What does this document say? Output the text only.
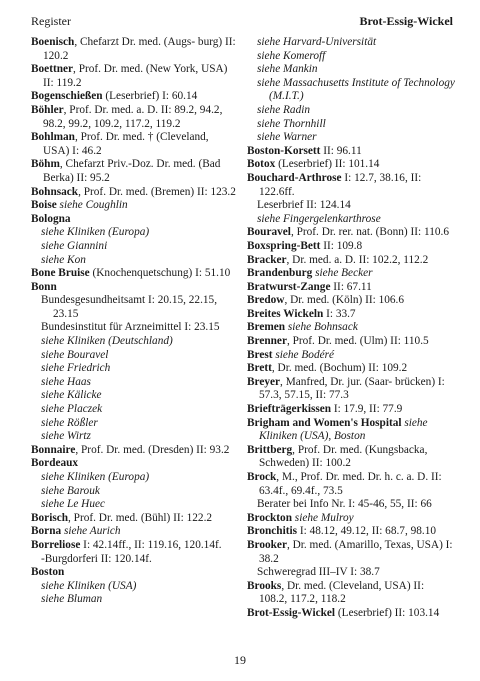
Register	Brot-Essig-Wickel

Boenisch, Chefarzt Dr. med. (Augs- burg) II: 120.2

Boettner, Prof. Dr. med. (New York, USA) II: 119.2

Bogenschießen (Leserbrief) I: 60.14

Böhler, Prof. Dr. med. a. D. II: 89.2, 94.2, 98.2, 99.2, 109.2, 117.2, 119.2

Bohlman, Prof. Dr. med. † (Cleveland, USA) I: 46.2

Böhm, Chefarzt Priv.-Doz. Dr. med. (Bad Berka) II: 95.2

Bohnsack, Prof. Dr. med. (Bremen) II: 123.2

Boise siehe Coughlin

Bologna

siehe Kliniken (Europa)

siehe Giannini

siehe Kon

Bone Bruise (Knochenquetschung) I: 51.10

Bonn

Bundesgesundheitsamt I: 20.15, 22.15, 23.15

Bundesinstitut für Arzneimittel I: 23.15

siehe Kliniken (Deutschland)

siehe Bouravel

siehe Friedrich

siehe Haas

siehe Kälicke

siehe Placzek

siehe Rößler

siehe Wirtz

Bonnaire, Prof. Dr. med. (Dresden) II: 93.2

Bordeaux

siehe Kliniken (Europa)

siehe Barouk

siehe Le Huec

Borisch, Prof. Dr. med. (Bühl) II: 122.2

Borna siehe Aurich

Borreliose I: 42.14ff., II: 119.16, 120.14f.

-Burgdorferi II: 120.14f.

Boston

siehe Kliniken (USA)

siehe Bluman

siehe Harvard-Universität

siehe Komeroff

siehe Mankin

siehe Massachusetts Institute of Technology (M.I.T.)

siehe Radin

siehe Thornhill

siehe Warner

Boston-Korsett II: 96.11

Botox (Leserbrief) II: 101.14

Bouchard-Arthrose I: 12.7, 38.16, II: 122.6ff.

Leserbrief II: 124.14

siehe Fingergelenkarthrose

Bouravel, Prof. Dr. rer. nat. (Bonn) II: 110.6

Boxspring-Bett II: 109.8

Bracker, Dr. med. a. D. II: 102.2, 112.2

Brandenburg siehe Becker

Bratwurst-Zange II: 67.11

Bredow, Dr. med. (Köln) II: 106.6

Breites Wickeln I: 33.7

Bremen siehe Bohnsack

Brenner, Prof. Dr. med. (Ulm) II: 110.5

Brest siehe Bodéré

Brett, Dr. med. (Bochum) II: 109.2

Breyer, Manfred, Dr. jur. (Saar- brücken) I: 57.3, 57.15, II: 77.3

Briefträgerkissen I: 17.9, II: 77.9

Brigham and Women's Hospital siehe Kliniken (USA), Boston

Brittberg, Prof. Dr. med. (Kungsbacka, Schweden) II: 100.2

Brock, M., Prof. Dr. med. Dr. h. c. a. D. II: 63.4f., 69.4f., 73.5

Berater bei Info Nr. I: 45-46, 55, II: 66

Brockton siehe Mulroy

Bronchitis I: 48.12, 49.12, II: 68.7, 98.10

Brooker, Dr. med. (Amarillo, Texas, USA) I: 38.2

Schweregrad III–IV I: 38.7

Brooks, Dr. med. (Cleveland, USA) II: 108.2, 117.2, 118.2

Brot-Essig-Wickel (Leserbrief) II: 103.14

19
